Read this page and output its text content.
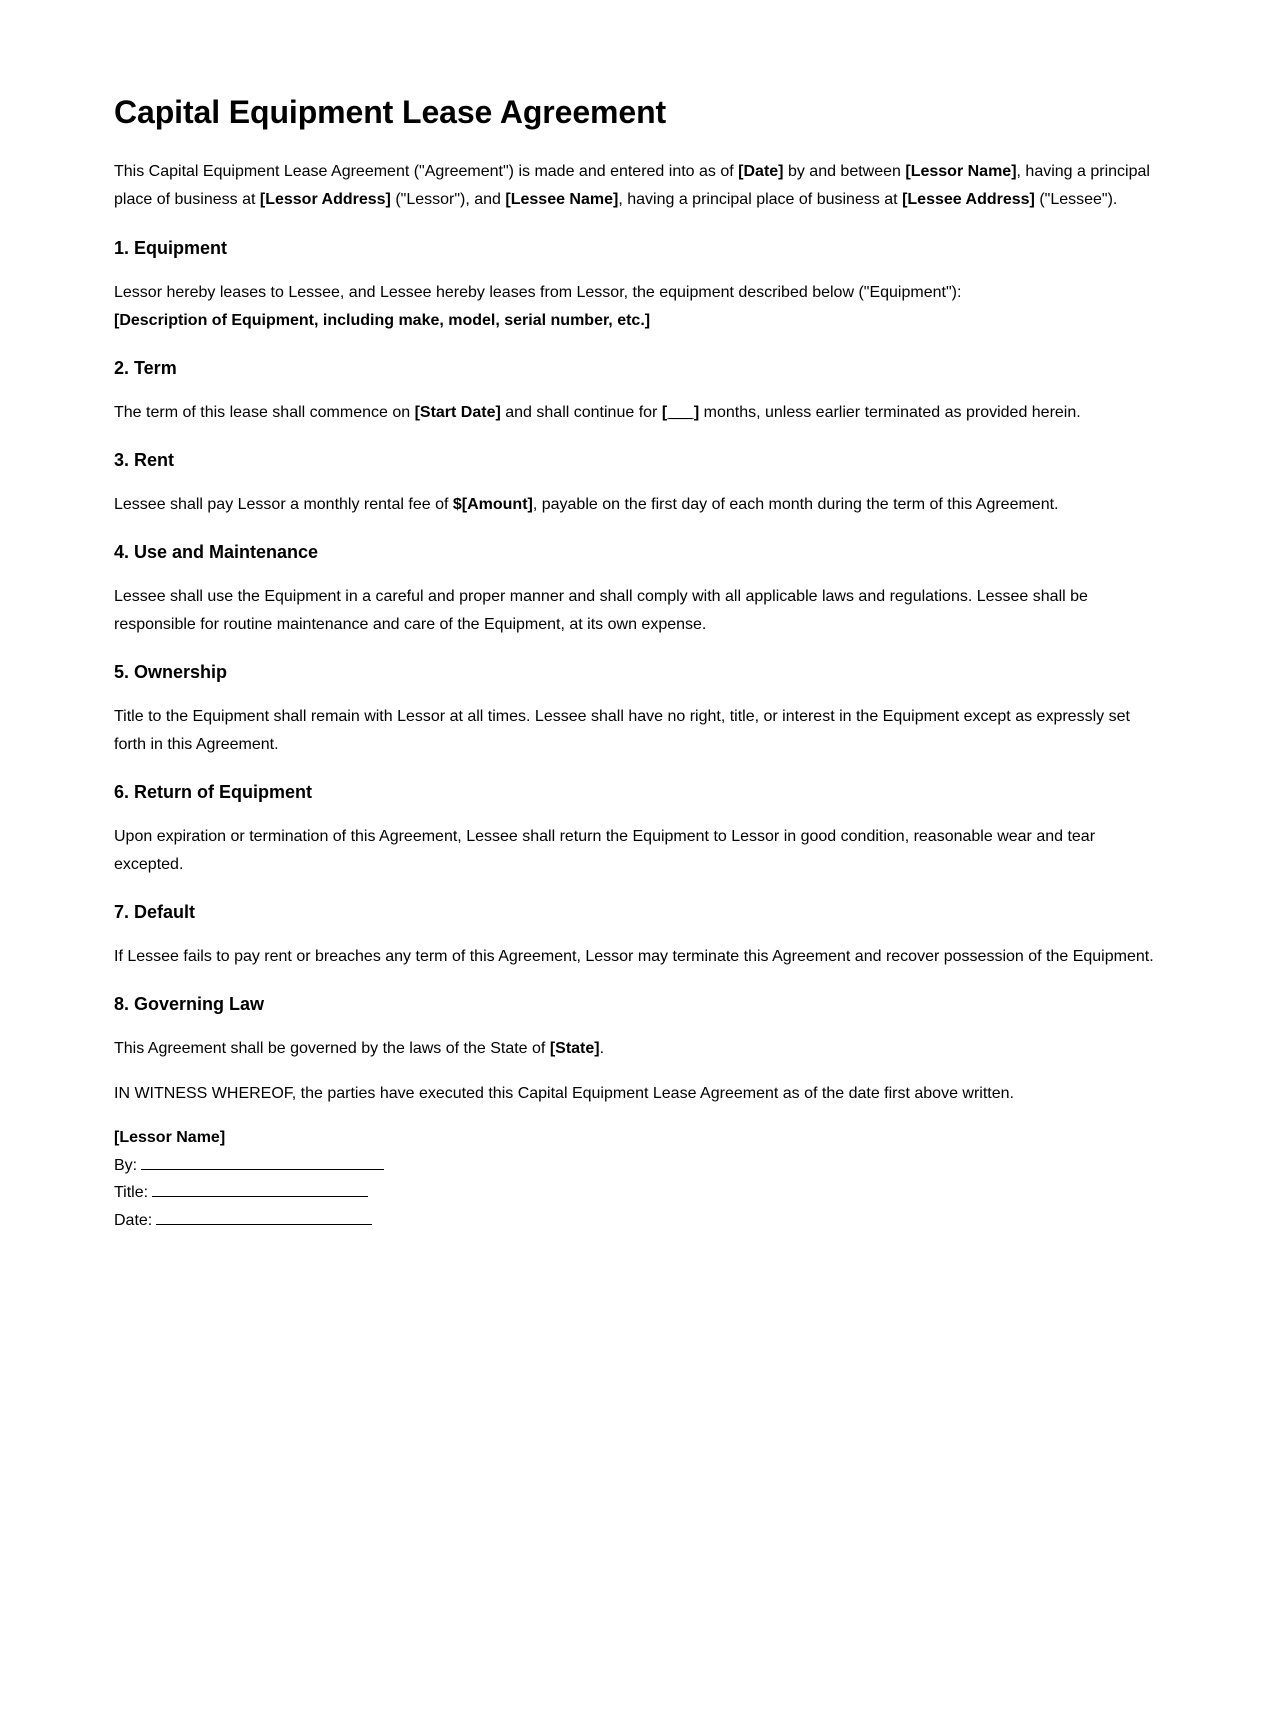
Capital Equipment Lease Agreement

This Capital Equipment Lease Agreement ("Agreement") is made and entered into as of [Date] by and between [Lessor Name], having a principal place of business at [Lessor Address] ("Lessor"), and [Lessee Name], having a principal place of business at [Lessee Address] ("Lessee").

1. Equipment

Lessor hereby leases to Lessee, and Lessee hereby leases from Lessor, the equipment described below ("Equipment"):

[Description of Equipment, including make, model, serial number, etc.]

2. Term

The term of this lease shall commence on [Start Date] and shall continue for [___] months, unless earlier terminated as provided herein.

3. Rent

Lessee shall pay Lessor a monthly rental fee of $[Amount], payable on the first day of each month during the term of this Agreement.

4. Use and Maintenance

Lessee shall use the Equipment in a careful and proper manner and shall comply with all applicable laws and regulations. Lessee shall be responsible for routine maintenance and care of the Equipment, at its own expense.

5. Ownership

Title to the Equipment shall remain with Lessor at all times. Lessee shall have no right, title, or interest in the Equipment except as expressly set forth in this Agreement.

6. Return of Equipment

Upon expiration or termination of this Agreement, Lessee shall return the Equipment to Lessor in good condition, reasonable wear and tear excepted.

7. Default

If Lessee fails to pay rent or breaches any term of this Agreement, Lessor may terminate this Agreement and recover possession of the Equipment.

8. Governing Law

This Agreement shall be governed by the laws of the State of [State].

IN WITNESS WHEREOF, the parties have executed this Capital Equipment Lease Agreement as of the date first above written.

[Lessor Name]

By:

Title:

Date:
